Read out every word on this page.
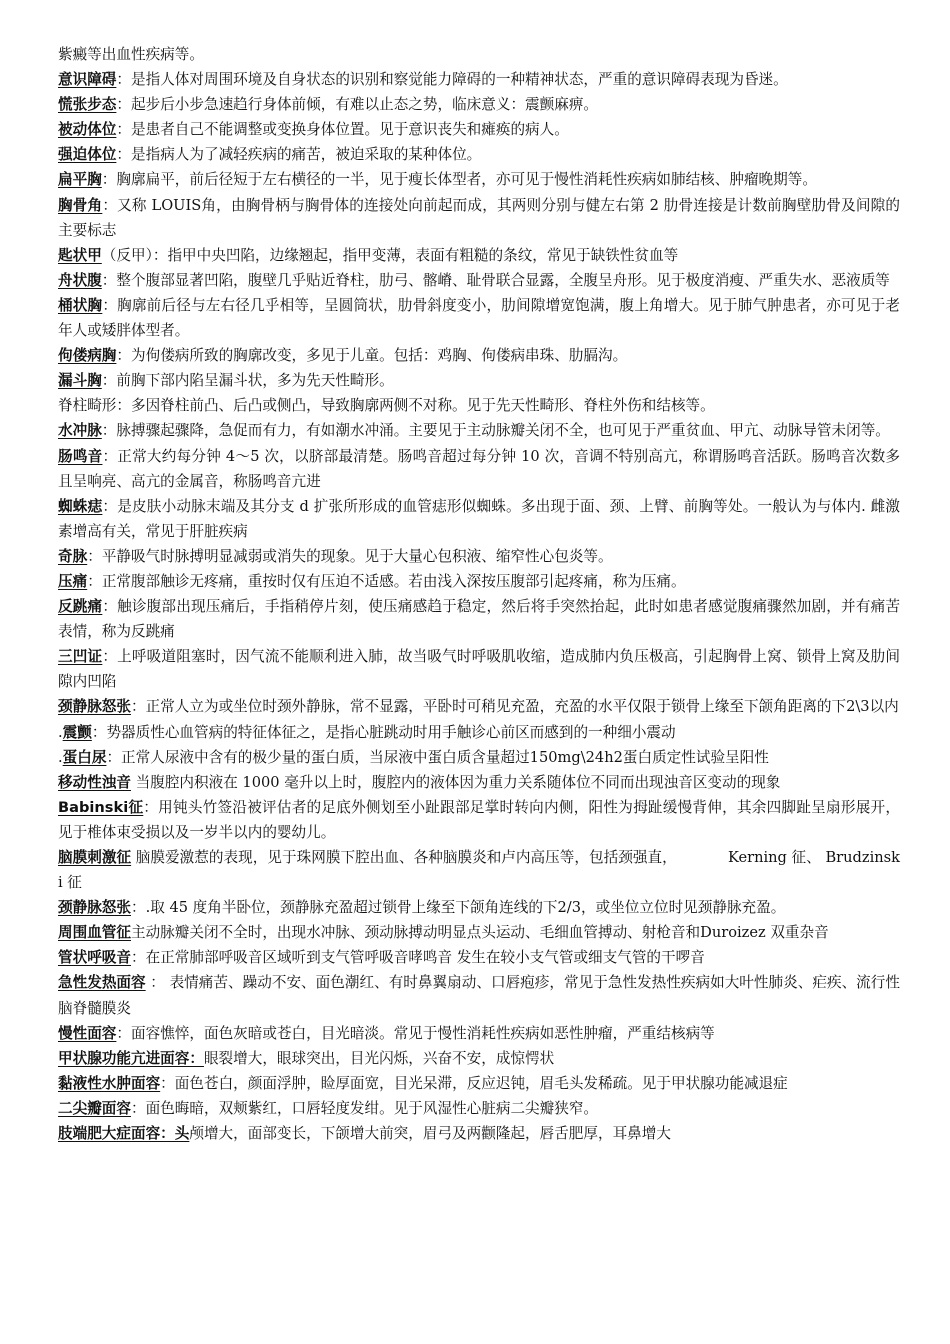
紫癜等出血性疾病等。

意识障碍：是指人体对周围环境及自身状态的识别和察觉能力障碍的一种精神状态，严重的意识障碍表现为昏迷。

慌张步态：起步后小步急速趋行身体前倾，有难以止态之势，临床意义：震颤麻痹。

被动体位：是患者自己不能调整或变换身体位置。见于意识丧失和瘫痪的病人。

强迫体位：是指病人为了减轻疾病的痛苦，被迫采取的某种体位。

扁平胸：胸廓扁平，前后径短于左右横径的一半，见于瘦长体型者，亦可见于慢性消耗性疾病如肺结核、肿瘤晚期等。

胸骨角：又称 LOUIS角，由胸骨柄与胸骨体的连接处向前起而成，其两则分别与健左右第 2 肋骨连接是计数前胸壁肋骨及间隙的主要标志

匙状甲（反甲）：指甲中央凹陷，边缘翘起，指甲变薄，表面有粗糙的条纹，常见于缺铁性贫血等

舟状腹：整个腹部显著凹陷，腹壁几乎贴近脊柱，肋弓、髂嵴、耻骨联合显露，全腹呈舟形。见于极度消瘦、严重失水、恶液质等

桶状胸：胸廓前后径与左右径几乎相等，呈圆筒状，肋骨斜度变小，肋间隙增宽饱满，腹上角增大。见于肺气肿患者，亦可见于老年人或矮胖体型者。

佝偻病胸：为佝偻病所致的胸廓改变，多见于儿童。包括：鸡胸、佝偻病串珠、肋膈沟。

漏斗胸：前胸下部内陷呈漏斗状，多为先天性畸形。

脊柱畸形：多因脊柱前凸、后凸或侧凸，导致胸廓两侧不对称。见于先天性畸形、脊柱外伤和结核等。

水冲脉：脉搏骤起骤降，急促而有力，有如潮水冲涌。主要见于主动脉瓣关闭不全，也可见于严重贫血、甲亢、动脉导管未闭等。

肠鸣音：正常大约每分钟 4～5 次，以脐部最清楚。肠鸣音超过每分钟 10 次，音调不特别高亢，称谓肠鸣音活跃。肠鸣音次数多且呈响亮、高亢的金属音，称肠鸣音亢进

蜘蛛痣：是皮肤小动脉末端及其分支 d 扩张所形成的血管痣形似蜘蛛。多出现于面、颈、上臂、前胸等处。一般认为与体内. 雌激素增高有关，常见于肝脏疾病

奇脉：平静吸气时脉搏明显减弱或消失的现象。见于大量心包积液、缩窄性心包炎等。

压痛：正常腹部触诊无疼痛，重按时仅有压迫不适感。若由浅入深按压腹部引起疼痛，称为压痛。

反跳痛：触诊腹部出现压痛后，手指稍停片刻，使压痛感趋于稳定，然后将手突然抬起，此时如患者感觉腹痛骤然加剧，并有痛苦表情，称为反跳痛

三凹证：上呼吸道阻塞时，因气流不能顺利进入肺，故当吸气时呼吸肌收缩，造成肺内负压极高，引起胸骨上窝、锁骨上窝及肋间隙内凹陷

颈静脉怒张：正常人立为或坐位时颈外静脉，常不显露，平卧时可稍见充盈，充盈的水平仅限于锁骨上缘至下颌角距离的下2\3以内

.震颤：势器质性心血管病的特征体征之，是指心脏跳动时用手触诊心前区而感到的一种细小震动

.蛋白尿：正常人尿液中含有的极少量的蛋白质，当尿液中蛋白质含量超过150mg\24h2蛋白质定性试验呈阳性

移动性浊音 当腹腔内积液在 1000 毫升以上时，腹腔内的液体因为重力关系随体位不同而出现浊音区变动的现象

Babinski征：用钝头竹签沿被评估者的足底外侧划至小趾跟部足掌时转向内侧，阳性为拇趾缓慢背伸，其余四脚趾呈扇形展开，见于椎体束受损以及一岁半以内的婴幼儿。

脑膜刺激征 脑膜爱激惹的表现，见于珠网膜下腔出血、各种脑膜炎和卢内高压等，包括颈强直，　　　　Kerning 征、 Brudzinski 征

颈静脉怒张：.取 45 度角半卧位，颈静脉充盈超过锁骨上缘至下颌角连线的下2/3，或坐位立位时见颈静脉充盈。

周围血管征主动脉瓣关闭不全时，出现水冲脉、颈动脉搏动明显点头运动、毛细血管搏动、射枪音和Duroizez 双重杂音

管状呼吸音：在正常肺部呼吸音区域听到支气管呼吸音哮鸣音 发生在较小支气管或细支气管的干啰音

急性发热面容 ： 表情痛苦、躁动不安、面色潮红、有时鼻翼扇动、口唇疱疹，常见于急性发热性疾病如大叶性肺炎、疟疾、流行性脑脊髓膜炎

慢性面容：面容憔悴，面色灰暗或苍白，目光暗淡。常见于慢性消耗性疾病如恶性肿瘤，严重结核病等

甲状腺功能亢进面容：眼裂增大，眼球突出，目光闪烁，兴奋不安，成惊愕状

黏液性水肿面容：面色苍白，颜面浮肿，睑厚面宽，目光呆滞，反应迟钝，眉毛头发稀疏。见于甲状腺功能减退症

二尖瓣面容：面色晦暗，双颊紫红，口唇轻度发绀。见于风湿性心脏病二尖瓣狭窄。

肢端肥大症面容：头颅增大，面部变长，下颌增大前突，眉弓及两颧隆起，唇舌肥厚，耳鼻增大
